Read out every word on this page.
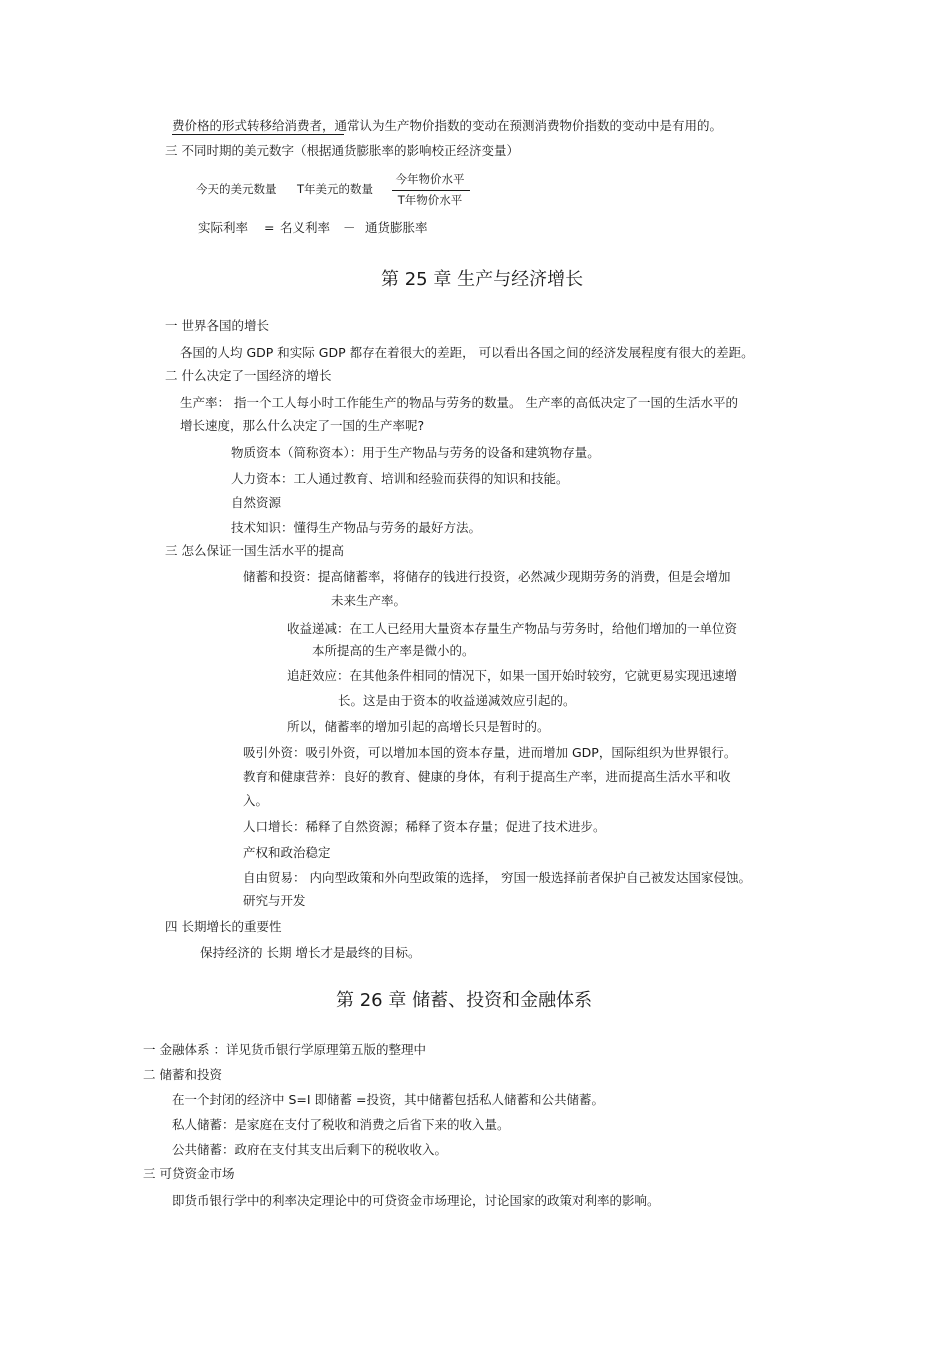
费价格的形式转移给消费者，通常认为生产物价指数的变动在预测消费物价指数的变动中是有用的。
三 不同时期的美元数字（根据通货膨胀率的影响校正经济变量）
今天的美元数量 T年美元的数量
今年物价水平
T年物价水平
实际利率 = 名义利率 － 通货膨胀率
第 25 章 生产与经济增长
一 世界各国的增长
各国的人均 GDP 和实际 GDP 都存在着很大的差距， 可以看出各国之间的经济发展程度有很大的差距。
二 什么决定了一国经济的增长
生产率： 指一个工人每小时工作能生产的物品与劳务的数量。 生产率的高低决定了一国的生活水平的
增长速度，那么什么决定了一国的生产率呢?
物质资本（简称资本）：用于生产物品与劳务的设备和建筑物存量。
人力资本：工人通过教育、培训和经验而获得的知识和技能。
自然资源
技术知识：懂得生产物品与劳务的最好方法。
三 怎么保证一国生活水平的提高
储蓄和投资：提高储蓄率，将储存的钱进行投资，必然减少现期劳务的消费，但是会增加
未来生产率。
收益递减：在工人已经用大量资本存量生产物品与劳务时，给他们增加的一单位资
本所提高的生产率是微小的。
追赶效应：在其他条件相同的情况下，如果一国开始时较穷，它就更易实现迅速增
长。这是由于资本的收益递减效应引起的。
所以，储蓄率的增加引起的高增长只是暂时的。
吸引外资：吸引外资，可以增加本国的资本存量，进而增加 GDP，国际组织为世界银行。
教育和健康营养：良好的教育、健康的身体，有利于提高生产率，进而提高生活水平和收
入。
人口增长：稀释了自然资源；稀释了资本存量；促进了技术进步。
产权和政治稳定
自由贸易： 内向型政策和外向型政策的选择， 穷国一般选择前者保护自己被发达国家侵蚀。
研究与开发
四 长期增长的重要性
保持经济的 长期 增长才是最终的目标。
第 26 章 储蓄、投资和金融体系
一 金融体系 ：详见货币银行学原理第五版的整理中
二 储蓄和投资
在一个封闭的经济中 S=I 即储蓄 =投资，其中储蓄包括私人储蓄和公共储蓄。
私人储蓄：是家庭在支付了税收和消费之后省下来的收入量。
公共储蓄：政府在支付其支出后剩下的税收收入。
三 可贷资金市场
即货币银行学中的利率决定理论中的可贷资金市场理论，讨论国家的政策对利率的影响。
